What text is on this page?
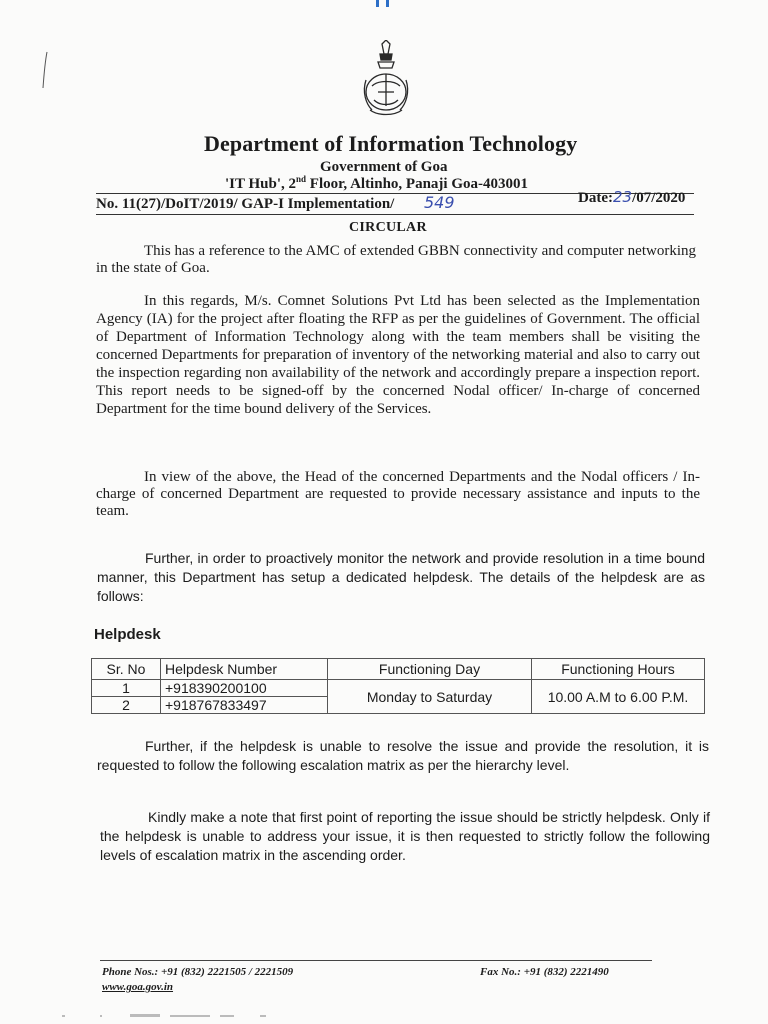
Department of Information Technology
Government of Goa
'IT Hub', 2nd Floor, Altinho, Panaji Goa-403001
No. 11(27)/DoIT/2019/ GAP-I Implementation/ 549	Date:23/07/2020
CIRCULAR

This has a reference to the AMC of extended GBBN connectivity and computer networking in the state of Goa.

In this regards, M/s. Comnet Solutions Pvt Ltd has been selected as the Implementation Agency (IA) for the project after floating the RFP as per the guidelines of Government. The official of Department of Information Technology along with the team members shall be visiting the concerned Departments for preparation of inventory of the networking material and also to carry out the inspection regarding non availability of the network and accordingly prepare a inspection report. This report needs to be signed-off by the concerned Nodal officer/ In-charge of concerned Department for the time bound delivery of the Services.

In view of the above, the Head of the concerned Departments and the Nodal officers / In-charge of concerned Department are requested to provide necessary assistance and inputs to the team.

Further, in order to proactively monitor the network and provide resolution in a time bound manner, this Department has setup a dedicated helpdesk. The details of the helpdesk are as follows:

Helpdesk
Sr. No	Helpdesk Number	Functioning Day	Functioning Hours
1	+918390200100	Monday to Saturday	10.00 A.M to 6.00 P.M.
2	+918767833497		

Further, if the helpdesk is unable to resolve the issue and provide the resolution, it is requested to follow the following escalation matrix as per the hierarchy level.

Kindly make a note that first point of reporting the issue should be strictly helpdesk. Only if the helpdesk is unable to address your issue, it is then requested to strictly follow the following levels of escalation matrix in the ascending order.

Phone Nos.: +91 (832) 2221505 / 2221509	Fax No.: +91 (832) 2221490
www.goa.gov.in
